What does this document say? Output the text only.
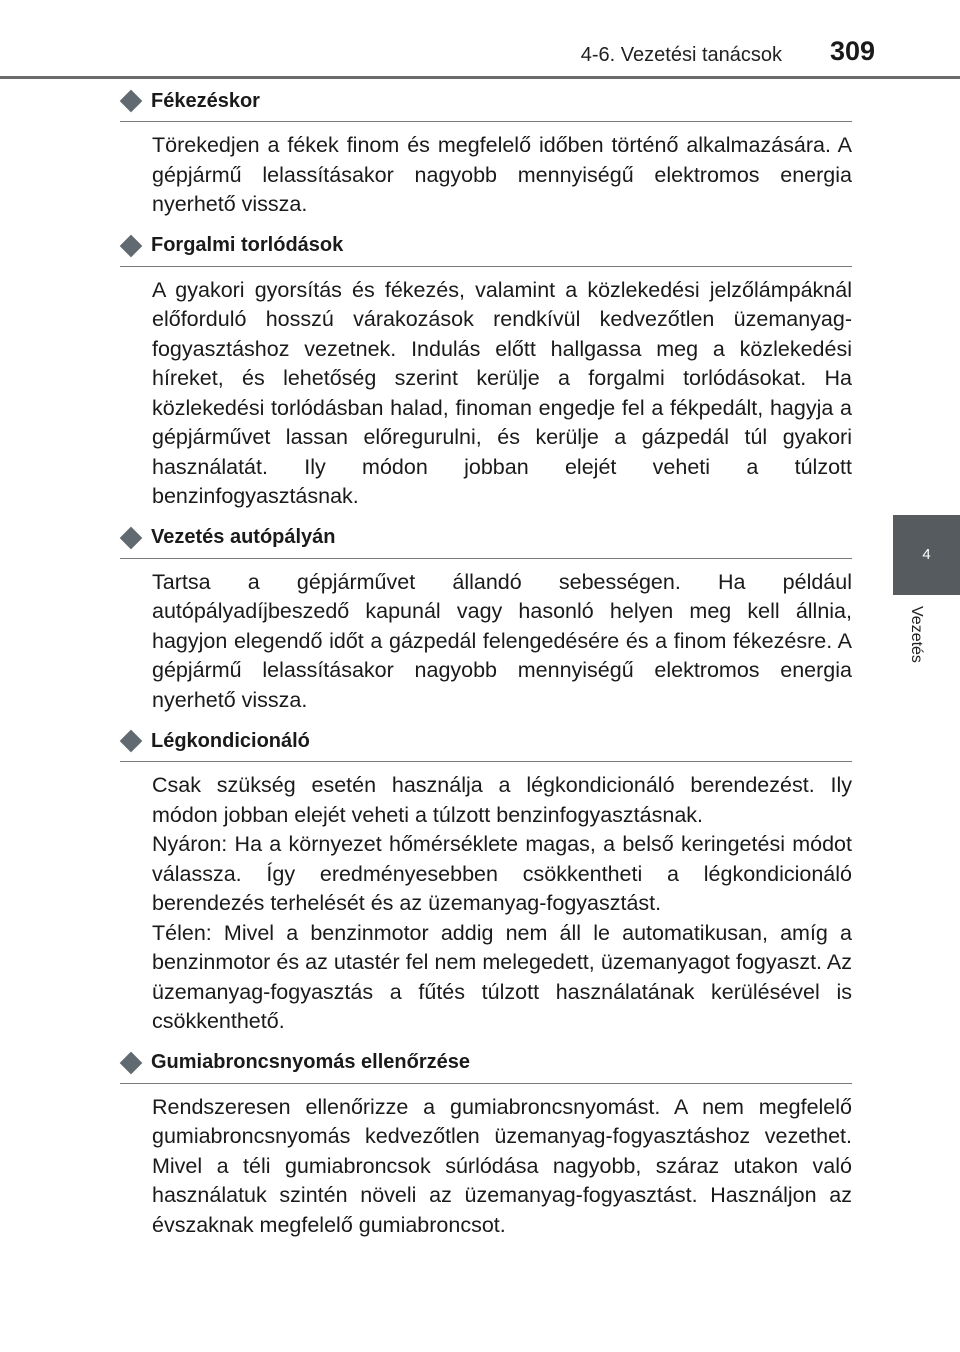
4-6. Vezetési tanácsok 309
4
Vezetés
Fékezéskor

Törekedjen a fékek finom és megfelelő időben történő alkalmazására. A gépjármű lelassításakor nagyobb mennyiségű elektromos energia nyerhető vissza.

Forgalmi torlódások

A gyakori gyorsítás és fékezés, valamint a közlekedési jelzőlámpáknál előforduló hosszú várakozások rendkívül kedvezőtlen üzemanyag-fogyasztáshoz vezetnek. Indulás előtt hallgassa meg a közlekedési híreket, és lehetőség szerint kerülje a forgalmi torlódásokat. Ha közlekedési torlódásban halad, finoman engedje fel a fékpedált, hagyja a gépjárművet lassan előregurulni, és kerülje a gázpedál túl gyakori használatát. Ily módon jobban elejét veheti a túlzott benzinfogyasztásnak.

Vezetés autópályán

Tartsa a gépjárművet állandó sebességen. Ha például autópályadíjbeszedő kapunál vagy hasonló helyen meg kell állnia, hagyjon elegendő időt a gázpedál felengedésére és a finom fékezésre. A gépjármű lelassításakor nagyobb mennyiségű elektromos energia nyerhető vissza.

Légkondicionáló

Csak szükség esetén használja a légkondicionáló berendezést. Ily módon jobban elejét veheti a túlzott benzinfogyasztásnak.

Nyáron: Ha a környezet hőmérséklete magas, a belső keringetési módot válassza. Így eredményesebben csökkentheti a légkondicionáló berendezés terhelését és az üzemanyag-fogyasztást.

Télen: Mivel a benzinmotor addig nem áll le automatikusan, amíg a benzinmotor és az utastér fel nem melegedett, üzemanyagot fogyaszt. Az üzemanyag-fogyasztás a fűtés túlzott használatának kerülésével is csökkenthető.

Gumiabroncsnyomás ellenőrzése

Rendszeresen ellenőrizze a gumiabroncsnyomást. A nem megfelelő gumiabroncsnyomás kedvezőtlen üzemanyag-fogyasztáshoz vezethet. Mivel a téli gumiabroncsok súrlódása nagyobb, száraz utakon való használatuk szintén növeli az üzemanyag-fogyasztást. Használjon az évszaknak megfelelő gumiabroncsot.
